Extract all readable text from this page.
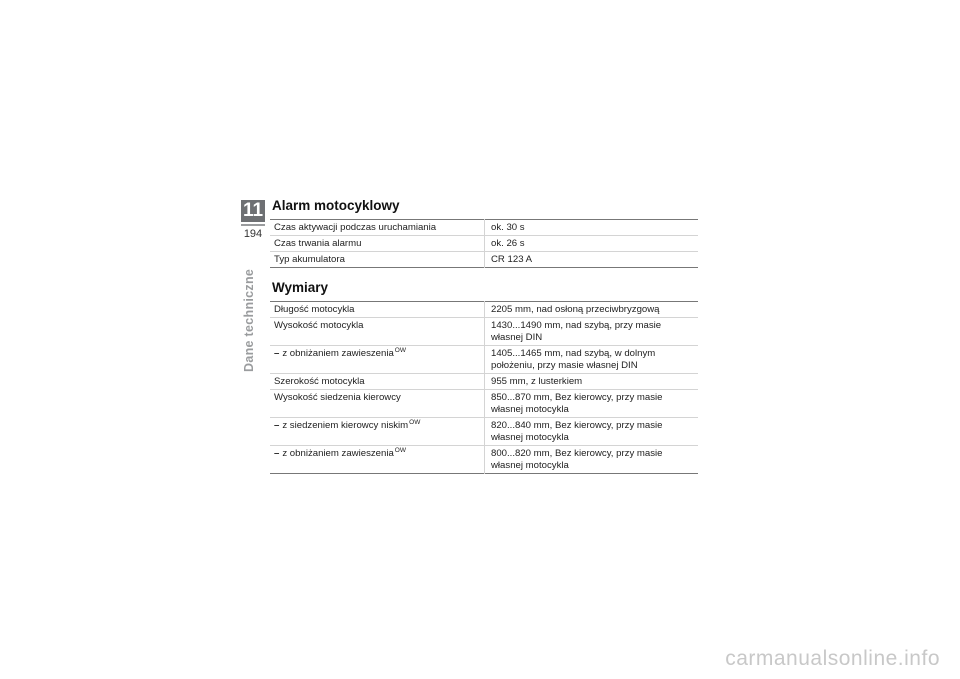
11
194
Dane techniczne
Alarm motocyklowy
Czas aktywacji podczas uruchamiania	ok. 30 s
Czas trwania alarmu	ok. 26 s
Typ akumulatora	CR 123 A
Wymiary
Długość motocykla	2205 mm, nad osłoną przeciwbryzgową
Wysokość motocykla	1430...1490 mm, nad szybą, przy masie własnej DIN
– z obniżaniem zawieszenia$^{OW}$	1405...1465 mm, nad szybą, w dolnym położeniu, przy masie własnej DIN
Szerokość motocykla	955 mm, z lusterkiem
Wysokość siedzenia kierowcy	850...870 mm, Bez kierowcy, przy masie własnej motocykla
– z siedzeniem kierowcy niskim$^{OW}$	820...840 mm, Bez kierowcy, przy masie własnej motocykla
– z obniżaniem zawieszenia$^{OW}$	800...820 mm, Bez kierowcy, przy masie własnej motocykla
carmanualsonline.info
